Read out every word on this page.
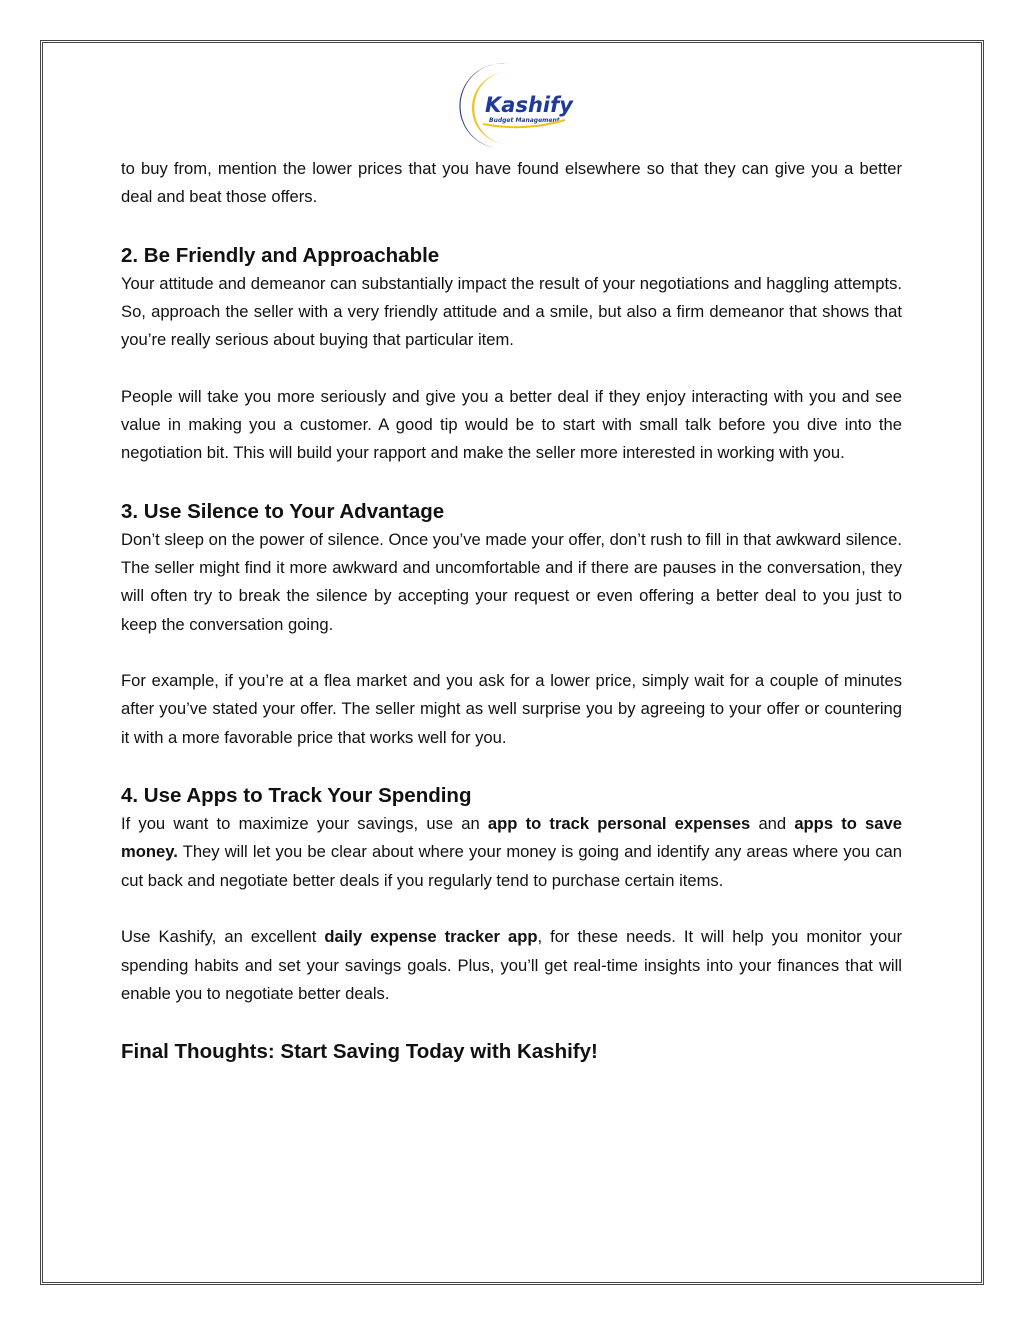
Kashify
Budget Management

to buy from, mention the lower prices that you have found elsewhere so that they can give you a better deal and beat those offers.

2. Be Friendly and Approachable

Your attitude and demeanor can substantially impact the result of your negotiations and haggling attempts. So, approach the seller with a very friendly attitude and a smile, but also a firm demeanor that shows that you’re really serious about buying that particular item.

People will take you more seriously and give you a better deal if they enjoy interacting with you and see value in making you a customer. A good tip would be to start with small talk before you dive into the negotiation bit. This will build your rapport and make the seller more interested in working with you.

3. Use Silence to Your Advantage

Don’t sleep on the power of silence. Once you’ve made your offer, don’t rush to fill in that awkward silence. The seller might find it more awkward and uncomfortable and if there are pauses in the conversation, they will often try to break the silence by accepting your request or even offering a better deal to you just to keep the conversation going.

For example, if you’re at a flea market and you ask for a lower price, simply wait for a couple of minutes after you’ve stated your offer. The seller might as well surprise you by agreeing to your offer or countering it with a more favorable price that works well for you.

4. Use Apps to Track Your Spending

If you want to maximize your savings, use an app to track personal expenses and apps to save money. They will let you be clear about where your money is going and identify any areas where you can cut back and negotiate better deals if you regularly tend to purchase certain items.

Use Kashify, an excellent daily expense tracker app, for these needs. It will help you monitor your spending habits and set your savings goals. Plus, you’ll get real-time insights into your finances that will enable you to negotiate better deals.

Final Thoughts: Start Saving Today with Kashify!
